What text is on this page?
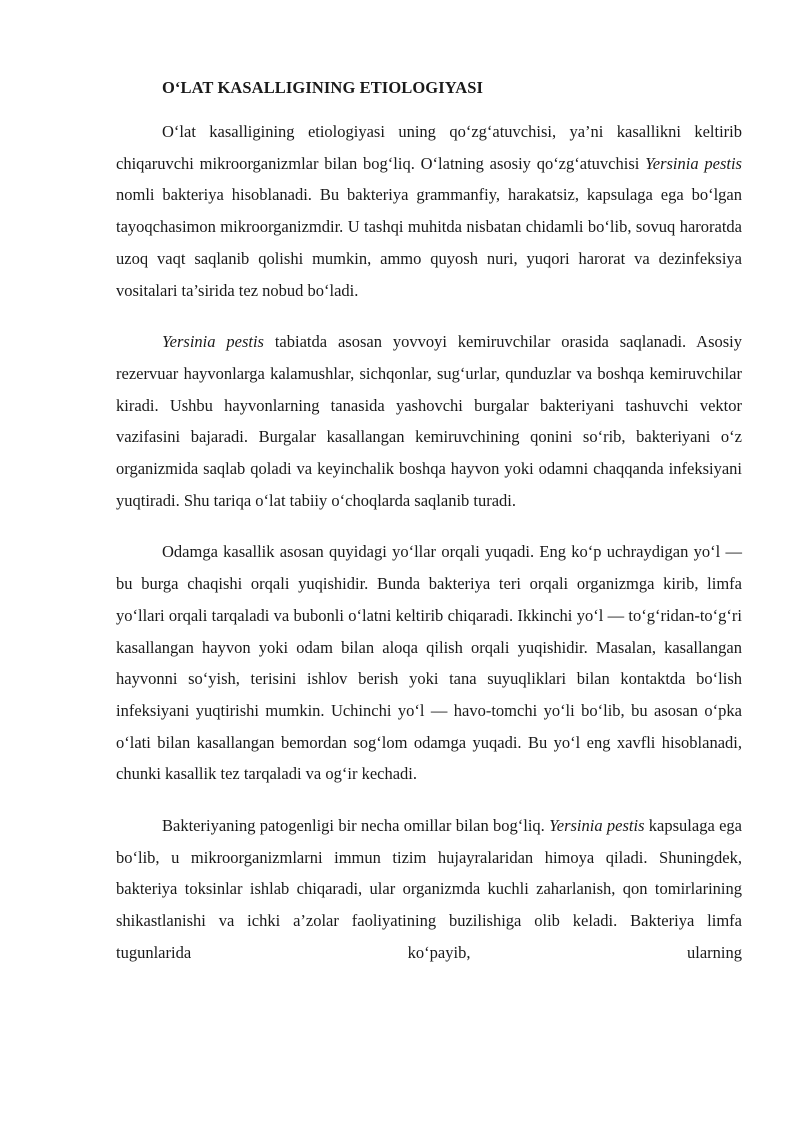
O‘LAT KASALLIGINING ETIOLOGIYASI

O‘lat kasalligining etiologiyasi uning qo‘zg‘atuvchisi, ya’ni kasallikni keltirib chiqaruvchi mikroorganizmlar bilan bog‘liq. O‘latning asosiy qo‘zg‘atuvchisi Yersinia pestis nomli bakteriya hisoblanadi. Bu bakteriya grammanfiy, harakatsiz, kapsulaga ega bo‘lgan tayoqchasimon mikroorganizmdir. U tashqi muhitda nisbatan chidamli bo‘lib, sovuq haroratda uzoq vaqt saqlanib qolishi mumkin, ammo quyosh nuri, yuqori harorat va dezinfeksiya vositalari ta’sirida tez nobud bo‘ladi.

Yersinia pestis tabiatda asosan yovvoyi kemiruvchilar orasida saqlanadi. Asosiy rezervuar hayvonlarga kalamushlar, sichqonlar, sug‘urlar, qunduzlar va boshqa kemiruvchilar kiradi. Ushbu hayvonlarning tanasida yashovchi burgalar bakteriyani tashuvchi vektor vazifasini bajaradi. Burgalar kasallangan kemiruvchining qonini so‘rib, bakteriyani o‘z organizmida saqlab qoladi va keyinchalik boshqa hayvon yoki odamni chaqqanda infeksiyani yuqtiradi. Shu tariqa o‘lat tabiiy o‘choqlarda saqlanib turadi.

Odamga kasallik asosan quyidagi yo‘llar orqali yuqadi. Eng ko‘p uchraydigan yo‘l — bu burga chaqishi orqali yuqishidir. Bunda bakteriya teri orqali organizmga kirib, limfa yo‘llari orqali tarqaladi va bubonli o‘latni keltirib chiqaradi. Ikkinchi yo‘l — to‘g‘ridan-to‘g‘ri kasallangan hayvon yoki odam bilan aloqa qilish orqali yuqishidir. Masalan, kasallangan hayvonni so‘yish, terisini ishlov berish yoki tana suyuqliklari bilan kontaktda bo‘lish infeksiyani yuqtirishi mumkin. Uchinchi yo‘l — havo-tomchi yo‘li bo‘lib, bu asosan o‘pka o‘lati bilan kasallangan bemordan sog‘lom odamga yuqadi. Bu yo‘l eng xavfli hisoblanadi, chunki kasallik tez tarqaladi va og‘ir kechadi.

Bakteriyaning patogenligi bir necha omillar bilan bog‘liq. Yersinia pestis kapsulaga ega bo‘lib, u mikroorganizmlarni immun tizim hujayralaridan himoya qiladi. Shuningdek, bakteriya toksinlar ishlab chiqaradi, ular organizmda kuchli zaharlanish, qon tomirlarining shikastlanishi va ichki a’zolar faoliyatining buzilishiga olib keladi. Bakteriya limfa tugunlarida ko‘payib, ularning
